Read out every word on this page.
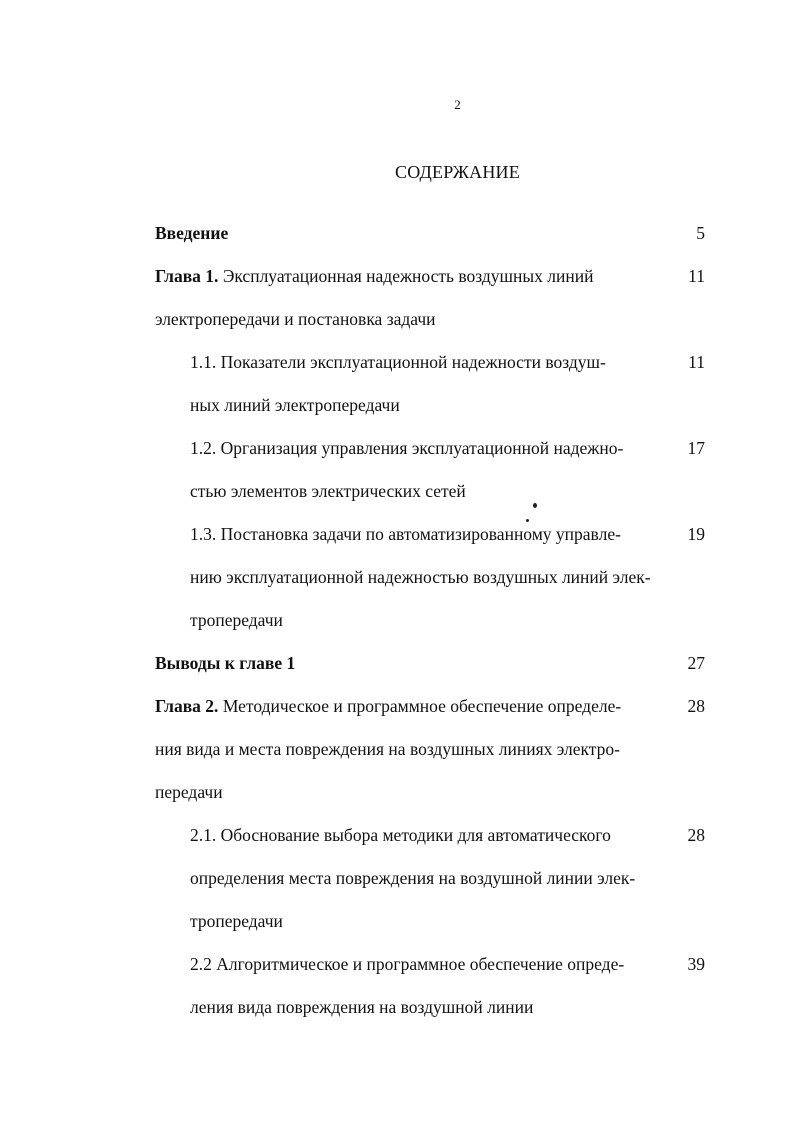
2
СОДЕРЖАНИЕ
Введение	5
Глава 1. Эксплуатационная надежность воздушных линий
электропередачи и постановка задачи
11
1.1. Показатели эксплуатационной надежности воздуш-
ных линий электропередачи
11
1.2. Организация управления эксплуатационной надежно-
стью элементов электрических сетей
17
1.3. Постановка задачи по автоматизированному управле-
нию эксплуатационной надежностью воздушных линий элек-
тропередачи
19
Выводы к главе 1	27
Глава 2. Методическое и программное обеспечение определе-
ния вида и места повреждения на воздушных линиях электро-
передачи
28
2.1. Обоснование выбора методики для автоматического
определения места повреждения на воздушной линии элек-
тропередачи
28
2.2 Алгоритмическое и программное обеспечение опреде-
ления вида повреждения на воздушной линии
39
